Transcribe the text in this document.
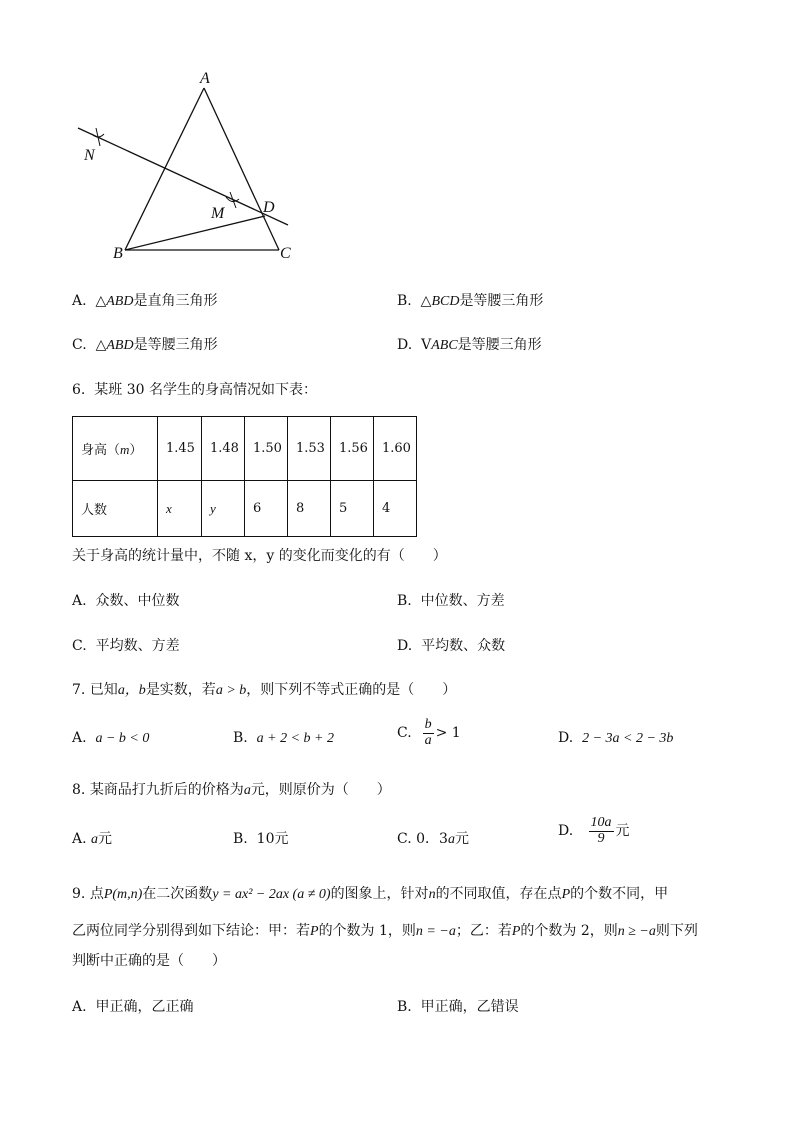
A
N
M D
B	C
A. △ABD是直角三角形	B. △BCD是等腰三角形
C. △ABD是等腰三角形	D. VABC是等腰三角形
6. 某班 30 名学生的身高情况如下表：
身高（m）	1.45	1.48	1.50	1.53	1.56	1.60
人数	x	y	6	8	5	4
关于身高的统计量中，不随 x，y 的变化而变化的有（　　）
A. 众数、中位数	B. 中位数、方差
C. 平均数、方差	D. 平均数、众数
7. 已知a，b是实数，若a > b，则下列不等式正确的是（　　）
A. a − b < 0	B. a + 2 < b + 2	C. $\frac{b}{a} > 1$	D. 2 − 3a < 2 − 3b
8. 某商品打九折后的价格为a元，则原价为（　　）
A. a元	B. 10元	C. 0．3a元	D. $\frac{10a}{9}$ 元
9. 点P(m,n)在二次函数y = ax² − 2ax (a ≠ 0)的图象上，针对n的不同取值，存在点P的个数不同，甲
乙两位同学分别得到如下结论：甲：若P的个数为 1，则n = −a；乙：若P的个数为 2，则n ≥ −a则下列
判断中正确的是（　　）
A. 甲正确，乙正确	B. 甲正确，乙错误
